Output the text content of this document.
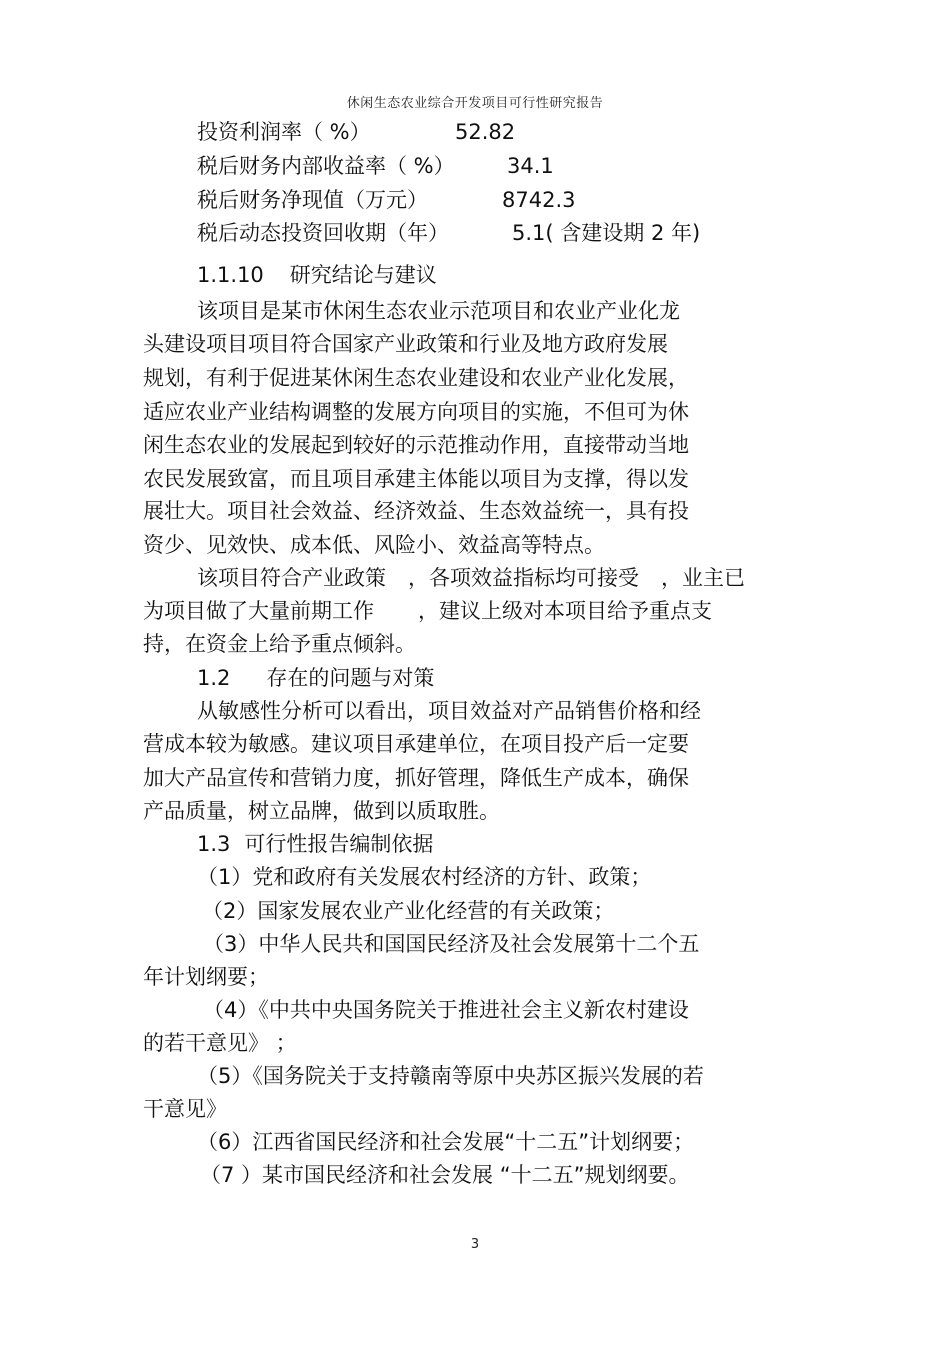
休闲生态农业综合开发项目可行性研究报告
投资利润率（ %）	52.82
税后财务内部收益率（ %） 34.1
税后财务净现值（万元）	8742.3
税后动态投资回收期（年）	5.1( 含建设期 2 年)
1.1.10 研究结论与建议
该项目是某市休闲生态农业示范项目和农业产业化龙
头建设项目项目符合国家产业政策和行业及地方政府发展
规划，有利于促进某休闲生态农业建设和农业产业化发展，
适应农业产业结构调整的发展方向项目的实施，不但可为休
闲生态农业的发展起到较好的示范推动作用，直接带动当地
农民发展致富，而且项目承建主体能以项目为支撑，得以发
展壮大。项目社会效益、经济效益、生态效益统一，具有投
资少、见效快、成本低、风险小、效益高等特点。
该项目符合产业政策 ，各项效益指标均可接受 ，业主已
为项目做了大量前期工作 ，建议上级对本项目给予重点支
持，在资金上给予重点倾斜。
1.2 存在的问题与对策
从敏感性分析可以看出，项目效益对产品销售价格和经
营成本较为敏感。建议项目承建单位，在项目投产后一定要
加大产品宣传和营销力度，抓好管理，降低生产成本，确保
产品质量，树立品牌，做到以质取胜。
1.3 可行性报告编制依据
（1）党和政府有关发展农村经济的方针、政策；
（2）国家发展农业产业化经营的有关政策；
（3）中华人民共和国国民经济及社会发展第十二个五
年计划纲要；
（4）《中共中央国务院关于推进社会主义新农村建设
的若干意见》 ；
（5）《国务院关于支持赣南等原中央苏区振兴发展的若
干意见》
（6）江西省国民经济和社会发展“十二五”计划纲要；
（7 ）某市国民经济和社会发展 “十二五”规划纲要。
3
